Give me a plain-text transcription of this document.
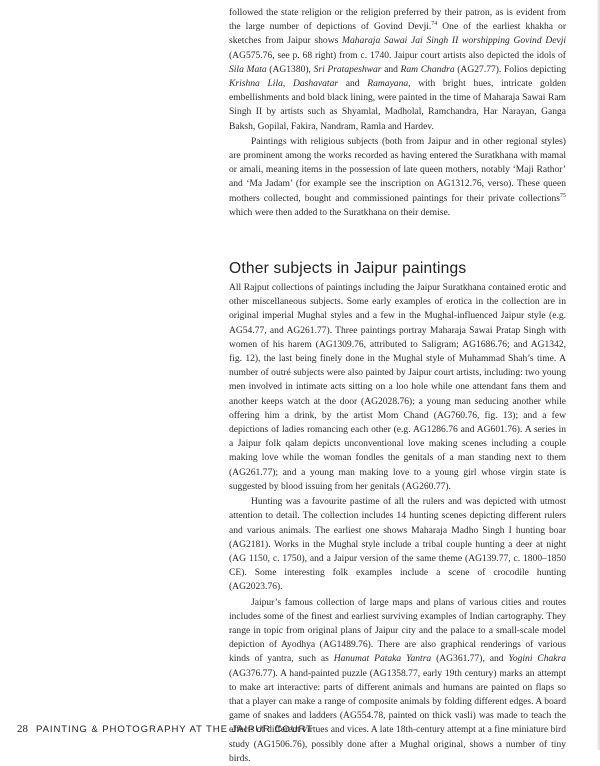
followed the state religion or the religion preferred by their patron, as is evident from the large number of depictions of Govind Devji.$^{74}$ One of the earliest khakha or sketches from Jaipur shows Maharaja Sawai Jai Singh II worshipping Govind Devji (AG575.76, see p. 68 right) from c. 1740. Jaipur court artists also depicted the idols of Sila Mata (AG1380), Sri Pratapeshwar and Ram Chandra (AG27.77). Folios depicting Krishna Lila, Dashavatar and Ramayana, with bright hues, intricate golden embellishments and bold black lining, were painted in the time of Maharaja Sawai Ram Singh II by artists such as Shyamlal, Madholal, Ramchandra, Har Narayan, Ganga Baksh, Gopilal, Fakira, Nandram, Ramla and Hardev.

Paintings with religious subjects (both from Jaipur and in other regional styles) are prominent among the works recorded as having entered the Suratkhana with mamal or amali, meaning items in the possession of late queen mothers, notably ‘Maji Rathor’ and ‘Ma Jadam’ (for example see the inscription on AG1312.76, verso). These queen mothers collected, bought and commissioned paintings for their private collections$^{75}$ which were then added to the Suratkhana on their demise.

Other subjects in Jaipur paintings

All Rajput collections of paintings including the Jaipur Suratkhana contained erotic and other miscellaneous subjects. Some early examples of erotica in the collection are in original imperial Mughal styles and a few in the Mughal-influenced Jaipur style (e.g. AG54.77, and AG261.77). Three paintings portray Maharaja Sawai Pratap Singh with women of his harem (AG1309.76, attributed to Saligram; AG1686.76; and AG1342, fig. 12), the last being finely done in the Mughal style of Muhammad Shah’s time. A number of outré subjects were also painted by Jaipur court artists, including: two young men involved in intimate acts sitting on a loo hole while one attendant fans them and another keeps watch at the door (AG2028.76); a young man seducing another while offering him a drink, by the artist Mom Chand (AG760.76, fig. 13); and a few depictions of ladies romancing each other (e.g. AG1286.76 and AG601.76). A series in a Jaipur folk qalam depicts unconventional love making scenes including a couple making love while the woman fondles the genitals of a man standing next to them (AG261.77); and a young man making love to a young girl whose virgin state is suggested by blood issuing from her genitals (AG260.77).

Hunting was a favourite pastime of all the rulers and was depicted with utmost attention to detail. The collection includes 14 hunting scenes depicting different rulers and various animals. The earliest one shows Maharaja Madho Singh I hunting boar (AG2181). Works in the Mughal style include a tribal couple hunting a deer at night (AG 1150, c. 1750), and a Jaipur version of the same theme (AG139.77, c. 1800–1850 CE). Some interesting folk examples include a scene of crocodile hunting (AG2023.76).

Jaipur’s famous collection of large maps and plans of various cities and routes includes some of the finest and earliest surviving examples of Indian cartography. They range in topic from original plans of Jaipur city and the palace to a small-scale model depiction of Ayodhya (AG1489.76). There are also graphical renderings of various kinds of yantra, such as Hanumat Pataka Yantra (AG361.77), and Yogini Chakra (AG376.77). A hand-painted puzzle (AG1358.77, early 19th century) marks an attempt to make art interactive: parts of different animals and humans are painted on flaps so that a player can make a range of composite animals by folding different edges. A board game of snakes and ladders (AG554.78, painted on thick vasli) was made to teach the effects of different virtues and vices. A late 18th-century attempt at a fine miniature bird study (AG1506.76), possibly done after a Mughal original, shows a number of tiny birds.

28 PAINTING & PHOTOGRAPHY AT THE JAIPUR COURT
